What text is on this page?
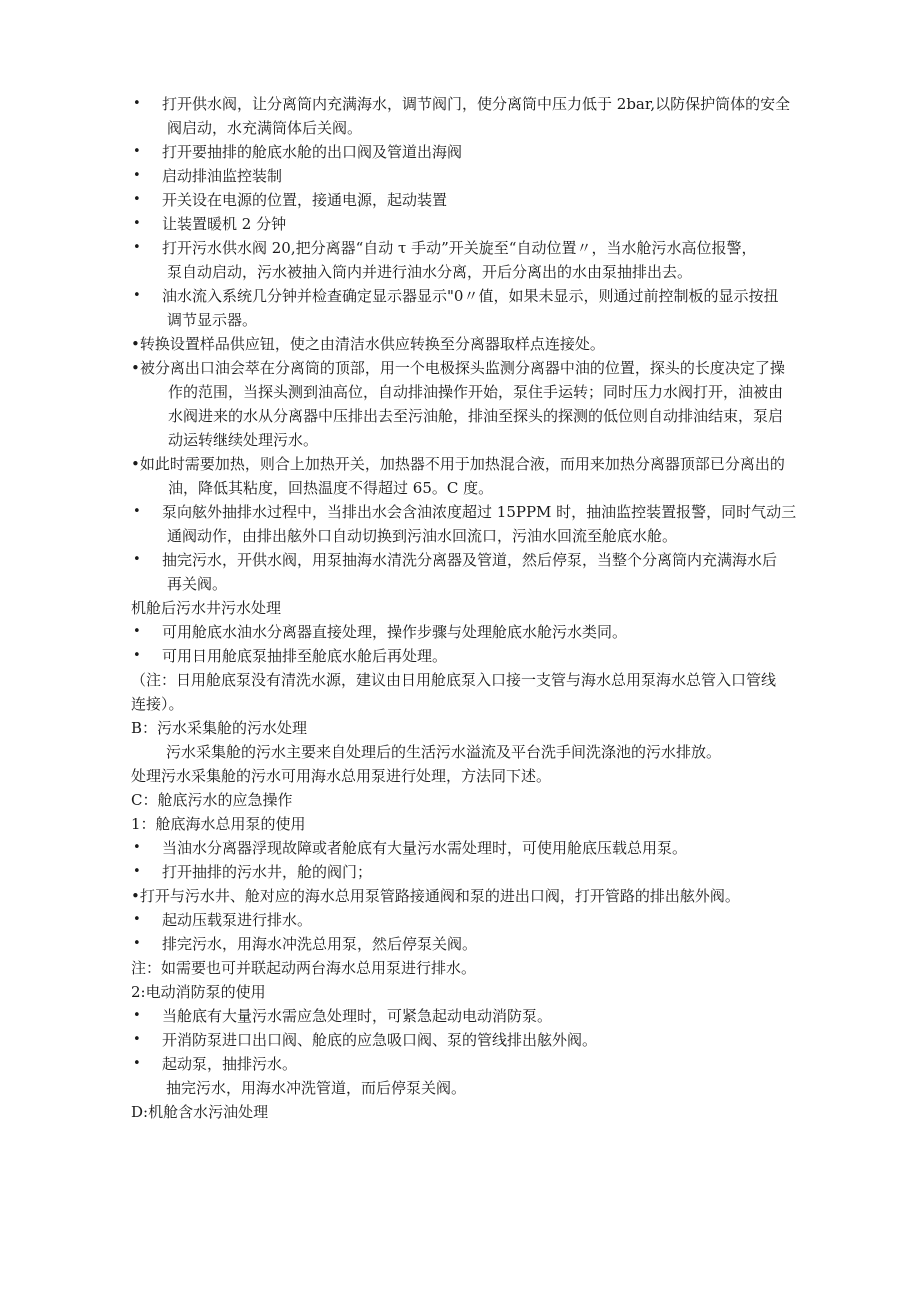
•	打开供水阀，让分离筒内充满海水，调节阀门，使分离筒中压力低于 2bar,以防保护筒体的安全
阀启动，水充满筒体后关阀。
•	打开要抽排的舱底水舱的出口阀及管道出海阀
•	启动排油监控装制
•	开关设在电源的位置，接通电源，起动装置
•	让装置暖机 2 分钟
•	打开污水供水阀 20,把分离器“自动 τ 手动”开关旋至“自动位置〃，当水舱污水高位报警，
泵自动启动，污水被抽入筒内并进行油水分离，开后分离出的水由泵抽排出去。
•	油水流入系统几分钟并检查确定显示器显示"0〃值，如果未显示，则通过前控制板的显示按扭
调节显示器。
•转换设置样品供应钮，使之由清洁水供应转换至分离器取样点连接处。
•被分离出口油会萃在分离筒的顶部，用一个电极探头监测分离器中油的位置，探头的长度决定了操
作的范围，当探头测到油高位，自动排油操作开始，泵住手运转；同时压力水阀打开，油被由
水阀进来的水从分离器中压排出去至污油舱，排油至探头的探测的低位则自动排油结束，泵启
动运转继续处理污水。
•如此时需要加热，则合上加热开关，加热器不用于加热混合液，而用来加热分离器顶部已分离出的
油，降低其粘度，回热温度不得超过 65。C 度。
•	泵向舷外抽排水过程中，当排出水会含油浓度超过 15PPM 时，抽油监控装置报警，同时气动三
通阀动作，由排出舷外口自动切换到污油水回流口，污油水回流至舱底水舱。
•	抽完污水，开供水阀，用泵抽海水清洗分离器及管道，然后停泵，当整个分离筒内充满海水后
再关阀。
机舱后污水井污水处理
•	可用舱底水油水分离器直接处理，操作步骤与处理舱底水舱污水类同。
•	可用日用舱底泵抽排至舱底水舱后再处理。
（注：日用舱底泵没有清洗水源，建议由日用舱底泵入口接一支管与海水总用泵海水总管入口管线
连接）。
B：污水采集舱的污水处理
污水采集舱的污水主要来自处理后的生活污水溢流及平台洗手间洗涤池的污水排放。
处理污水采集舱的污水可用海水总用泵进行处理，方法同下述。
C：舱底污水的应急操作
1：舱底海水总用泵的使用
•	当油水分离器浮现故障或者舱底有大量污水需处理时，可使用舱底压载总用泵。
•	打开抽排的污水井，舱的阀门；
•打开与污水井、舱对应的海水总用泵管路接通阀和泵的进出口阀，打开管路的排出舷外阀。
•	起动压载泵进行排水。
•	排完污水，用海水冲洗总用泵，然后停泵关阀。
注：如需要也可并联起动两台海水总用泵进行排水。
2:电动消防泵的使用
•	当舱底有大量污水需应急处理时，可紧急起动电动消防泵。
•	开消防泵进口出口阀、舱底的应急吸口阀、泵的管线排出舷外阀。
•	起动泵，抽排污水。
抽完污水，用海水冲洗管道，而后停泵关阀。
D:机舱含水污油处理
